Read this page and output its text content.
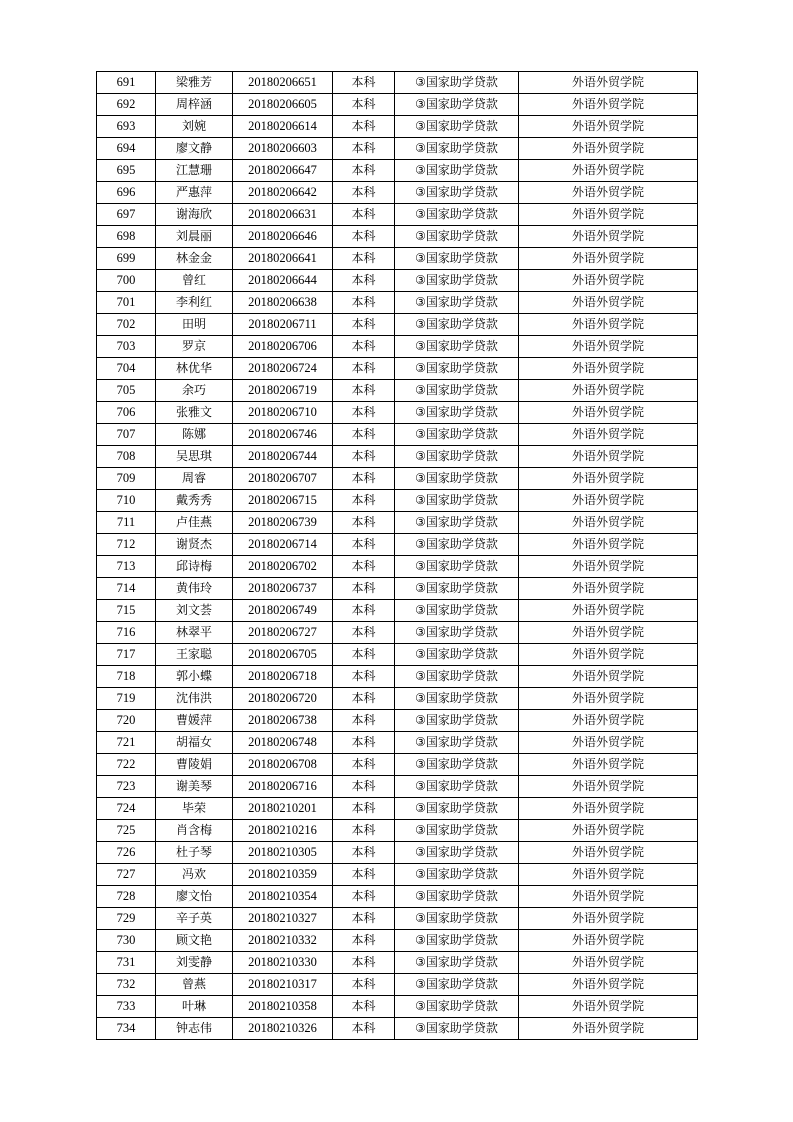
691	梁雅芳	20180206651	本科	③国家助学贷款	外语外贸学院
692	周梓涵	20180206605	本科	③国家助学贷款	外语外贸学院
693	刘婉	20180206614	本科	③国家助学贷款	外语外贸学院
694	廖文静	20180206603	本科	③国家助学贷款	外语外贸学院
695	江慧珊	20180206647	本科	③国家助学贷款	外语外贸学院
696	严惠萍	20180206642	本科	③国家助学贷款	外语外贸学院
697	谢海欣	20180206631	本科	③国家助学贷款	外语外贸学院
698	刘晨丽	20180206646	本科	③国家助学贷款	外语外贸学院
699	林金金	20180206641	本科	③国家助学贷款	外语外贸学院
700	曾红	20180206644	本科	③国家助学贷款	外语外贸学院
701	李利红	20180206638	本科	③国家助学贷款	外语外贸学院
702	田明	20180206711	本科	③国家助学贷款	外语外贸学院
703	罗京	20180206706	本科	③国家助学贷款	外语外贸学院
704	林优华	20180206724	本科	③国家助学贷款	外语外贸学院
705	余巧	20180206719	本科	③国家助学贷款	外语外贸学院
706	张雅文	20180206710	本科	③国家助学贷款	外语外贸学院
707	陈娜	20180206746	本科	③国家助学贷款	外语外贸学院
708	吴思琪	20180206744	本科	③国家助学贷款	外语外贸学院
709	周睿	20180206707	本科	③国家助学贷款	外语外贸学院
710	戴秀秀	20180206715	本科	③国家助学贷款	外语外贸学院
711	卢佳燕	20180206739	本科	③国家助学贷款	外语外贸学院
712	谢贤杰	20180206714	本科	③国家助学贷款	外语外贸学院
713	邱诗梅	20180206702	本科	③国家助学贷款	外语外贸学院
714	黄伟玲	20180206737	本科	③国家助学贷款	外语外贸学院
715	刘文荟	20180206749	本科	③国家助学贷款	外语外贸学院
716	林翠平	20180206727	本科	③国家助学贷款	外语外贸学院
717	王家聪	20180206705	本科	③国家助学贷款	外语外贸学院
718	郭小蝶	20180206718	本科	③国家助学贷款	外语外贸学院
719	沈伟洪	20180206720	本科	③国家助学贷款	外语外贸学院
720	曹媛萍	20180206738	本科	③国家助学贷款	外语外贸学院
721	胡福女	20180206748	本科	③国家助学贷款	外语外贸学院
722	曹陵娟	20180206708	本科	③国家助学贷款	外语外贸学院
723	谢美琴	20180206716	本科	③国家助学贷款	外语外贸学院
724	毕荣	20180210201	本科	③国家助学贷款	外语外贸学院
725	肖含梅	20180210216	本科	③国家助学贷款	外语外贸学院
726	杜子琴	20180210305	本科	③国家助学贷款	外语外贸学院
727	冯欢	20180210359	本科	③国家助学贷款	外语外贸学院
728	廖文怡	20180210354	本科	③国家助学贷款	外语外贸学院
729	辛子英	20180210327	本科	③国家助学贷款	外语外贸学院
730	顾文艳	20180210332	本科	③国家助学贷款	外语外贸学院
731	刘雯静	20180210330	本科	③国家助学贷款	外语外贸学院
732	曾燕	20180210317	本科	③国家助学贷款	外语外贸学院
733	叶琳	20180210358	本科	③国家助学贷款	外语外贸学院
734	钟志伟	20180210326	本科	③国家助学贷款	外语外贸学院
